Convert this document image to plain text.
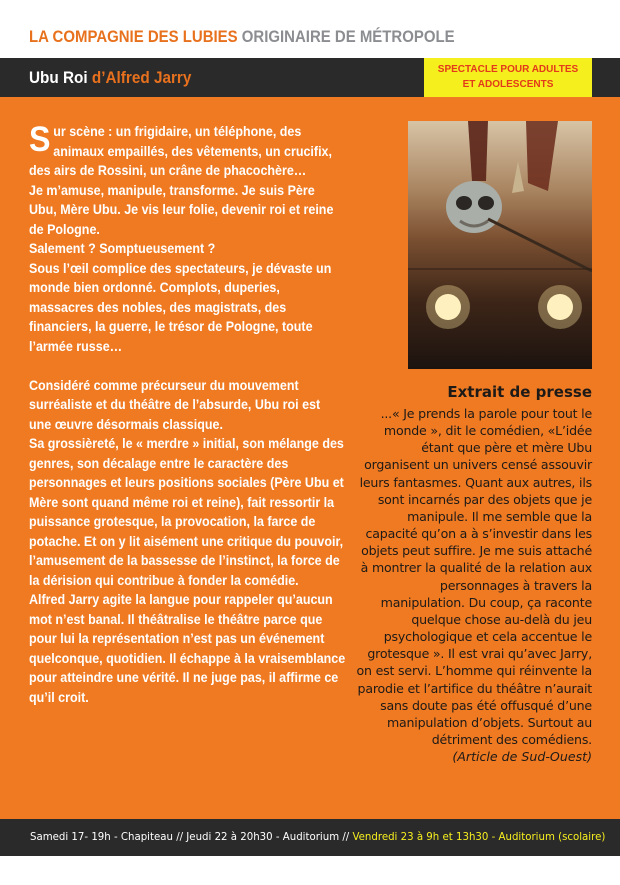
LA COMPAGNIE DES LUBIES ORIGINAIRE DE MÉTROPOLE
Ubu Roi d’Alfred Jarry	SPECTACLE POUR ADULTES
ET ADOLESCENTS

Sur scène : un frigidaire, un téléphone, des animaux empaillés, des vêtements, un crucifix, des airs de Rossini, un crâne de phacochère…

Je m’amuse, manipule, transforme. Je suis Père Ubu, Mère Ubu. Je vis leur folie, devenir roi et reine de Pologne.

Salement ? Somptueusement ?

Sous l’œil complice des spectateurs, je dévaste un monde bien ordonné. Complots, duperies, massacres des nobles, des magistrats, des financiers, la guerre, le trésor de Pologne, toute l’armée russe…

Considéré comme précurseur du mouvement surréaliste et du théâtre de l’absurde, Ubu roi est une œuvre désormais classique.

Sa grossièreté, le « merdre » initial, son mélange des genres, son décalage entre le caractère des personnages et leurs positions sociales (Père Ubu et Mère sont quand même roi et reine), fait ressortir la puissance grotesque, la provocation, la farce de potache. Et on y lit aisément une critique du pouvoir, l’amusement de la bassesse de l’instinct, la force de la dérision qui contribue à fonder la comédie.

Alfred Jarry agite la langue pour rappeler qu’aucun mot n’est banal. Il théâtralise le théâtre parce que pour lui la représentation n’est pas un événement quelconque, quotidien. Il échappe à la vraisemblance pour atteindre une vérité. Il ne juge pas, il affirme ce qu’il croit.

Extrait de presse

...« Je prends la parole pour tout le monde », dit le comédien, «L’idée étant que père et mère Ubu organisent un univers censé assouvir leurs fantasmes. Quant aux autres, ils sont incarnés par des objets que je manipule. Il me semble que la capacité qu’on a à s’investir dans les objets peut suffire. Je me suis attaché à montrer la qualité de la relation aux personnages à travers la manipulation. Du coup, ça raconte quelque chose au-delà du jeu psychologique et cela accentue le grotesque ». Il est vrai qu’avec Jarry, on est servi. L’homme qui réinvente la parodie et l’artifice du théâtre n’aurait sans doute pas été offusqué d’une manipulation d’objets. Surtout au détriment des comédiens.

(Article de Sud-Ouest)

Samedi 17- 19h - Chapiteau // Jeudi 22 à 20h30 - Auditorium // Vendredi 23 à 9h et 13h30 - Auditorium (scolaire)
